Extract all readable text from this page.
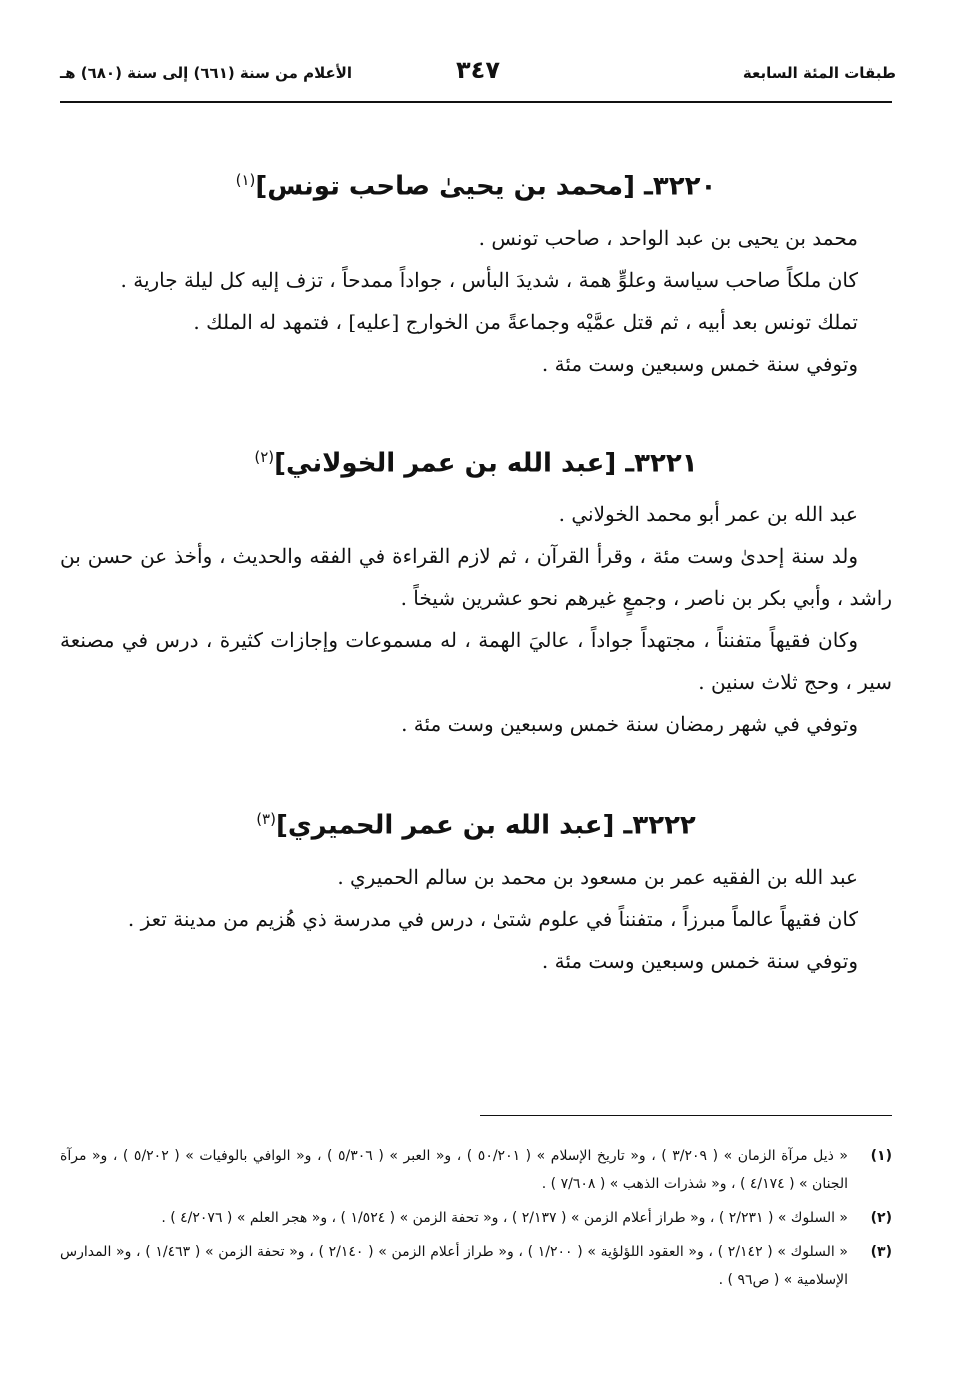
طبقات المئة السابعة
٣٤٧
الأعلام من سنة (٦٦١) إلى سنة (٦٨٠) هـ
٣٢٢٠ـ [محمد بن يحيىٰ صاحب تونس]$^{(١)}$

محمد بن يحيى بن عبد الواحد ، صاحب تونس .

كان ملكاً صاحب سياسة وعلوٍّ همة ، شديدَ البأس ، جواداً ممدحاً ، تزف إليه كل ليلة جارية .

تملك تونس بعد أبيه ، ثم قتل عمَّيْه وجماعةً من الخوارج [عليه] ، فتمهد له الملك .

وتوفي سنة خمس وسبعين وست مئة .

٣٢٢١ـ [عبد الله بن عمر الخولاني]$^{(٢)}$

عبد الله بن عمر أبو محمد الخولاني .

ولد سنة إحدىٰ وست مئة ، وقرأ القرآن ، ثم لازم القراءة في الفقه والحديث ، وأخذ عن حسن بن راشد ، وأبي بكر بن ناصر ، وجمعٍ غيرهم نحو عشرين شيخاً .

وكان فقيهاً متفنناً ، مجتهداً جواداً ، عاليَ الهمة ، له مسموعات وإجازات كثيرة ، درس في مصنعة سير ، وحج ثلاث سنين .

وتوفي في شهر رمضان سنة خمس وسبعين وست مئة .

٣٢٢٢ـ [عبد الله بن عمر الحميري]$^{(٣)}$

عبد الله بن الفقيه عمر بن مسعود بن محمد بن سالم الحميري .

كان فقيهاً عالماً مبرزاً ، متفنناً في علوم شتىٰ ، درس في مدرسة ذي هُزيم من مدينة تعز .

وتوفي سنة خمس وسبعين وست مئة .

(١)
« ذيل مرآة الزمان » ( ٣/٢٠٩ ) ، و« تاريخ الإسلام » ( ٥٠/٢٠١ ) ، و« العبر » ( ٥/٣٠٦ ) ، و« الوافي بالوفيات » ( ٥/٢٠٢ ) ، و« مرآة الجنان » ( ٤/١٧٤ ) ، و« شذرات الذهب » ( ٧/٦٠٨ ) .
(٢)
« السلوك » ( ٢/٢٣١ ) ، و« طراز أعلام الزمن » ( ٢/١٣٧ ) ، و« تحفة الزمن » ( ١/٥٢٤ ) ، و« هجر العلم » ( ٤/٢٠٧٦ ) .
(٣)
« السلوك » ( ٢/١٤٢ ) ، و« العقود اللؤلؤية » ( ١/٢٠٠ ) ، و« طراز أعلام الزمن » ( ٢/١٤٠ ) ، و« تحفة الزمن » ( ١/٤٦٣ ) ، و« المدارس الإسلامية » ( ص٩٦ ) .
